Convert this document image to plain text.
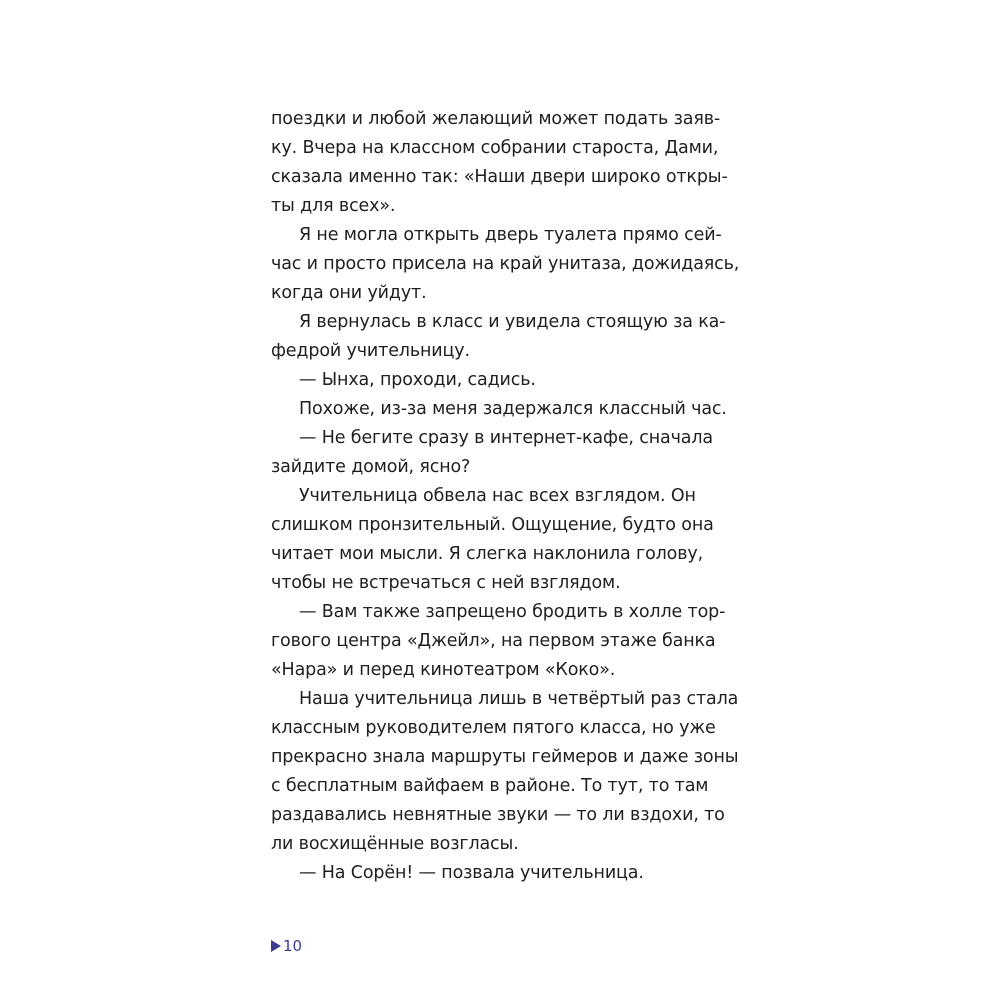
поездки и любой желающий может подать заяв-
ку. Вчера на классном собрании староста, Дами,
сказала именно так: «Наши двери широко откры-
ты для всех».
Я не могла открыть дверь туалета прямо сей-
час и просто присела на край унитаза, дожидаясь,
когда они уйдут.
Я вернулась в класс и увидела стоящую за ка-
федрой учительницу.
— Ынха, проходи, садись.
Похоже, из-за меня задержался классный час.
— Не бегите сразу в интернет-кафе, сначала
зайдите домой, ясно?
Учительница обвела нас всех взглядом. Он
слишком пронзительный. Ощущение, будто она
читает мои мысли. Я слегка наклонила голову,
чтобы не встречаться с ней взглядом.
— Вам также запрещено бродить в холле тор-
гового центра «Джейл», на первом этаже банка
«Нара» и перед кинотеатром «Коко».
Наша учительница лишь в четвёртый раз стала
классным руководителем пятого класса, но уже
прекрасно знала маршруты геймеров и даже зоны
с бесплатным вайфаем в районе. То тут, то там
раздавались невнятные звуки — то ли вздохи, то
ли восхищённые возгласы.
— На Сорён! — позвала учительница.
10
